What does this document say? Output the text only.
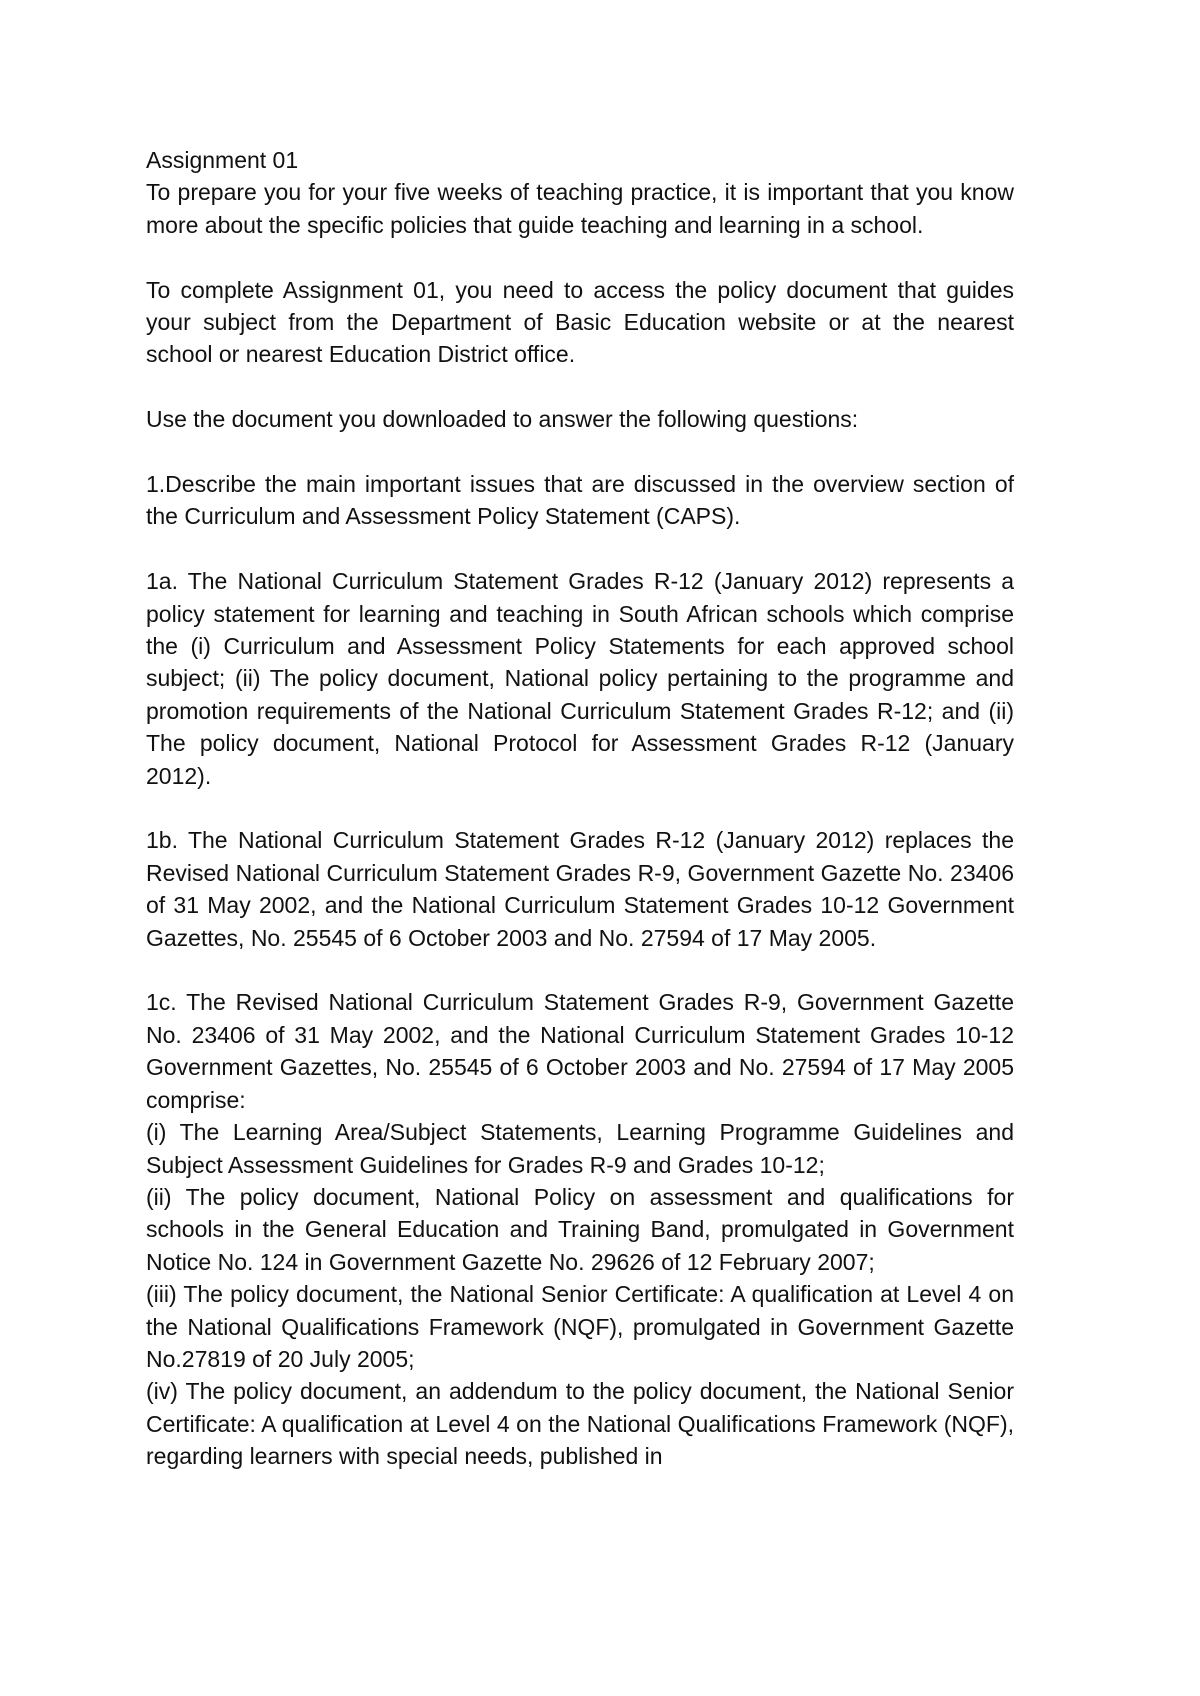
Assignment 01

To prepare you for your five weeks of teaching practice, it is important that you know more about the specific policies that guide teaching and learning in a school.

To complete Assignment 01, you need to access the policy document that guides your subject from the Department of Basic Education website or at the nearest school or nearest Education District office.

Use the document you downloaded to answer the following questions:

1.Describe the main important issues that are discussed in the overview section of the Curriculum and Assessment Policy Statement (CAPS).

1a. The National Curriculum Statement Grades R-12 (January 2012) represents a policy statement for learning and teaching in South African schools which comprise the (i) Curriculum and Assessment Policy Statements for each approved school subject; (ii) The policy document, National policy pertaining to the programme and promotion requirements of the National Curriculum Statement Grades R-12; and (ii) The policy document, National Protocol for Assessment Grades R-12 (January 2012).

1b. The National Curriculum Statement Grades R-12 (January 2012) replaces the Revised National Curriculum Statement Grades R-9, Government Gazette No. 23406 of 31 May 2002, and the National Curriculum Statement Grades 10-12 Government Gazettes, No. 25545 of 6 October 2003 and No. 27594 of 17 May 2005.

1c. The Revised National Curriculum Statement Grades R-9, Government Gazette No. 23406 of 31 May 2002, and the National Curriculum Statement Grades 10-12 Government Gazettes, No. 25545 of 6 October 2003 and No. 27594 of 17 May 2005 comprise:

(i) The Learning Area/Subject Statements, Learning Programme Guidelines and Subject Assessment Guidelines for Grades R-9 and Grades 10-12;

(ii) The policy document, National Policy on assessment and qualifications for schools in the General Education and Training Band, promulgated in Government Notice No. 124 in Government Gazette No. 29626 of 12 February 2007;

(iii) The policy document, the National Senior Certificate: A qualification at Level 4 on the National Qualifications Framework (NQF), promulgated in Government Gazette No.27819 of 20 July 2005;

(iv) The policy document, an addendum to the policy document, the National Senior Certificate: A qualification at Level 4 on the National Qualifications Framework (NQF), regarding learners with special needs, published in
